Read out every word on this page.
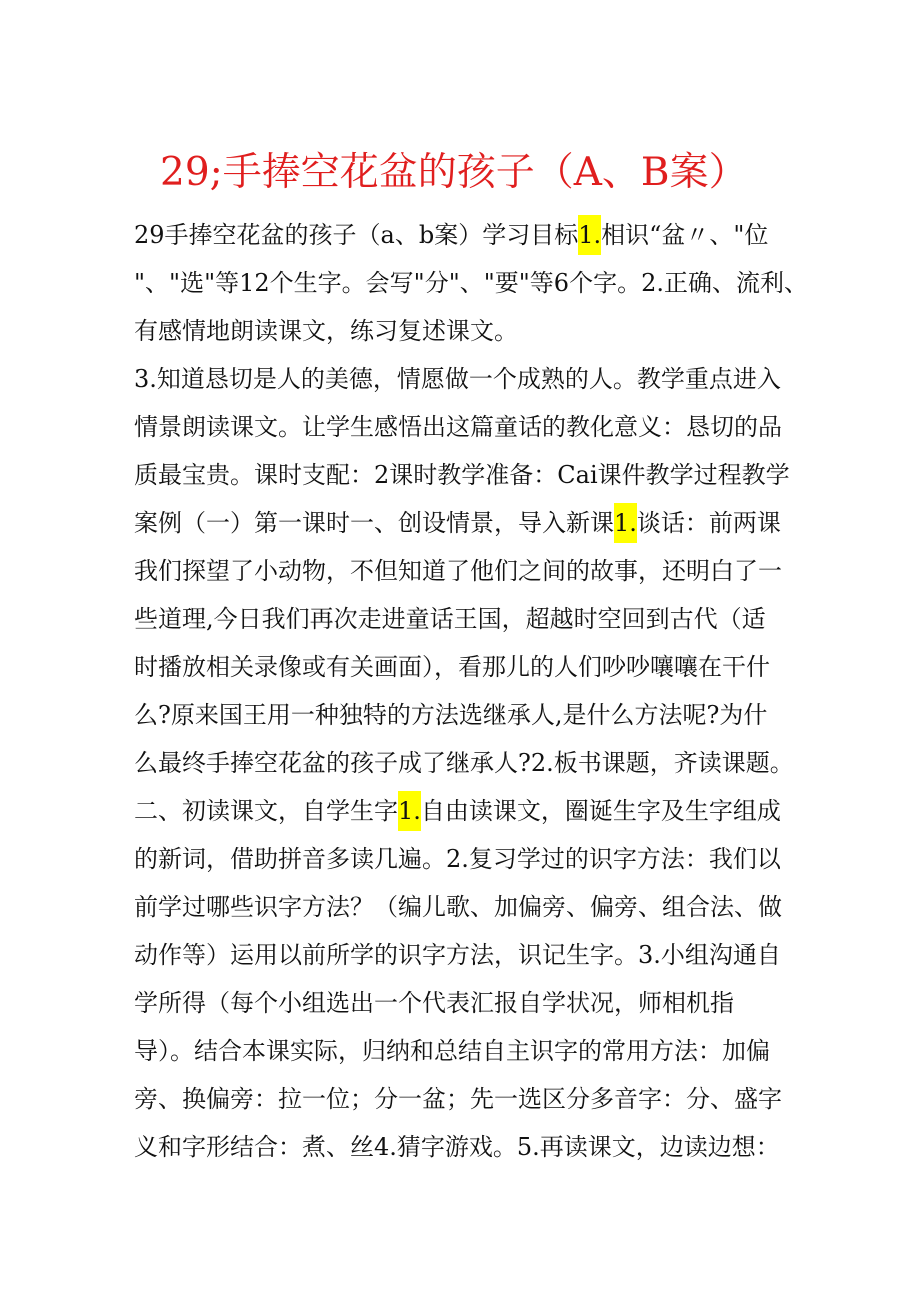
29;手捧空花盆的孩子（A、B案）
29手捧空花盆的孩子（a、b案）学习目标1.相识“盆〃、"位
"、"选"等12个生字。会写"分"、"要"等6个字。2.正确、流利、
有感情地朗读课文，练习复述课文。
3.知道恳切是人的美德，情愿做一个成熟的人。教学重点进入
情景朗读课文。让学生感悟出这篇童话的教化意义：恳切的品
质最宝贵。课时支配：2课时教学准备：Cai课件教学过程教学
案例（一）第一课时一、创设情景，导入新课1.谈话：前两课
我们探望了小动物，不但知道了他们之间的故事，还明白了一
些道理,今日我们再次走进童话王国，超越时空回到古代（适
时播放相关录像或有关画面），看那儿的人们吵吵嚷嚷在干什
么?原来国王用一种独特的方法选继承人,是什么方法呢?为什
么最终手捧空花盆的孩子成了继承人?2.板书课题，齐读课题。
二、初读课文，自学生字1.自由读课文，圈诞生字及生字组成
的新词，借助拼音多读几遍。2.复习学过的识字方法：我们以
前学过哪些识字方法？（编儿歌、加偏旁、偏旁、组合法、做
动作等）运用以前所学的识字方法，识记生字。3.小组沟通自
学所得（每个小组选出一个代表汇报自学状况，师相机指
导）。结合本课实际，归纳和总结自主识字的常用方法：加偏
旁、换偏旁：拉一位；分一盆；先一选区分多音字：分、盛字
义和字形结合：煮、丝4.猜字游戏。5.再读课文，边读边想：
